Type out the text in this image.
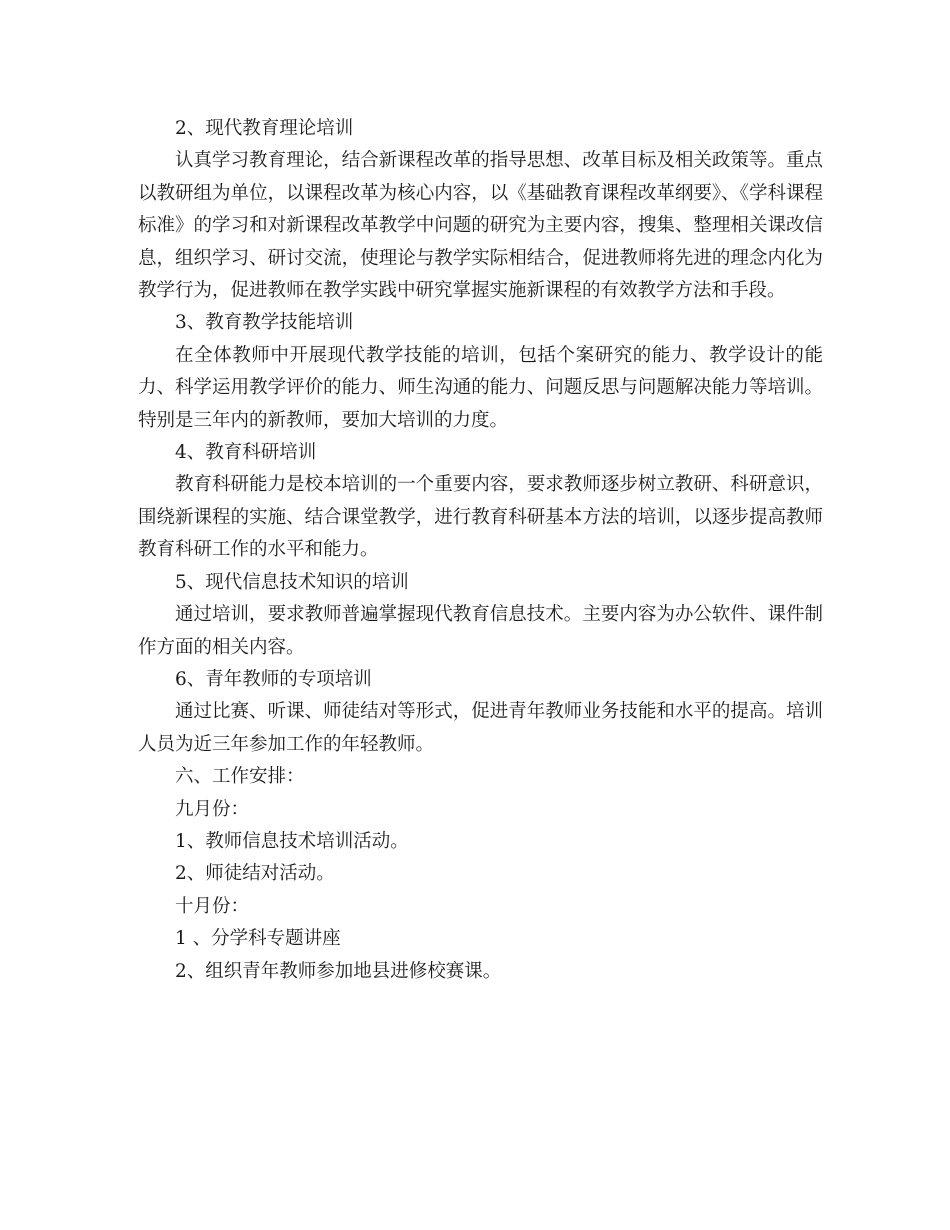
2、现代教育理论培训

认真学习教育理论，结合新课程改革的指导思想、改革目标及相关政策等。重点以教研组为单位，以课程改革为核心内容，以《基础教育课程改革纲要》、《学科课程标准》的学习和对新课程改革教学中问题的研究为主要内容，搜集、整理相关课改信息，组织学习、研讨交流，使理论与教学实际相结合，促进教师将先进的理念内化为教学行为，促进教师在教学实践中研究掌握实施新课程的有效教学方法和手段。

3、教育教学技能培训

在全体教师中开展现代教学技能的培训，包括个案研究的能力、教学设计的能力、科学运用教学评价的能力、师生沟通的能力、问题反思与问题解决能力等培训。特别是三年内的新教师，要加大培训的力度。

4、教育科研培训

教育科研能力是校本培训的一个重要内容，要求教师逐步树立教研、科研意识，围绕新课程的实施、结合课堂教学，进行教育科研基本方法的培训，以逐步提高教师教育科研工作的水平和能力。

5、现代信息技术知识的培训

通过培训，要求教师普遍掌握现代教育信息技术。主要内容为办公软件、课件制作方面的相关内容。

6、青年教师的专项培训

通过比赛、听课、师徒结对等形式，促进青年教师业务技能和水平的提高。培训人员为近三年参加工作的年轻教师。

六、工作安排：

九月份：

1、教师信息技术培训活动。

2、师徒结对活动。

十月份：

1 、分学科专题讲座

2、组织青年教师参加地县进修校赛课。
